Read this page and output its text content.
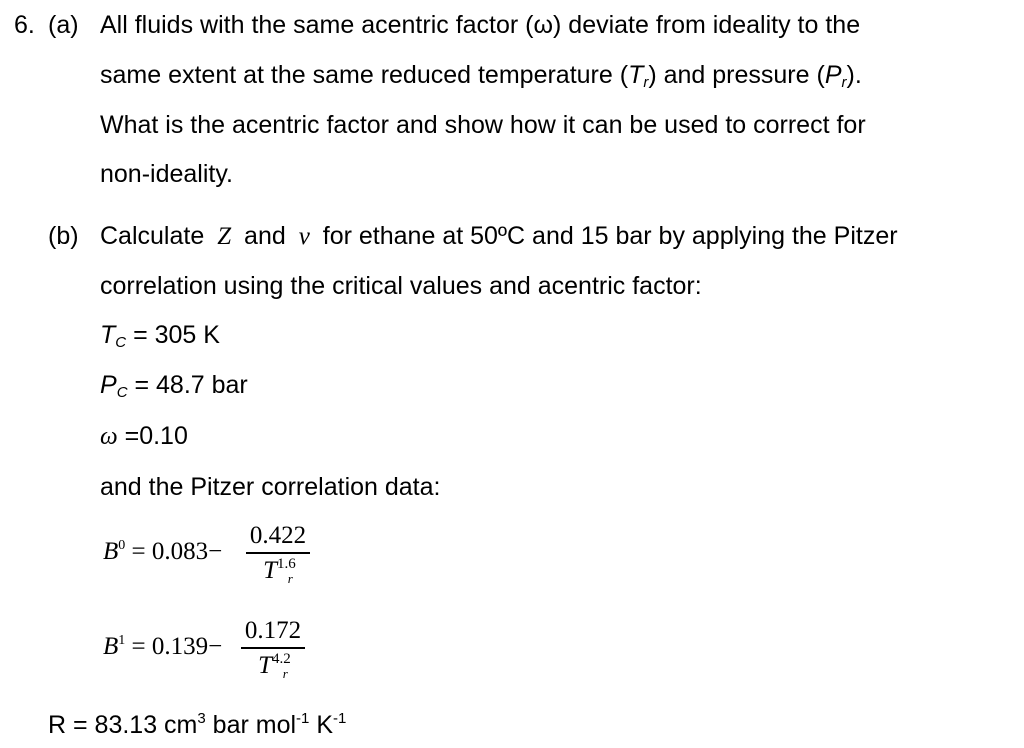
6. (a) All fluids with the same acentric factor (ω) deviate from ideality to the
same extent at the same reduced temperature $(T_r)$ and pressure $(P_r)$.
What is the acentric factor and show how it can be used to correct for
non-ideality.
(b) Calculate Z and v for ethane at 50ºC and 15 bar by applying the Pitzer
correlation using the critical values and acentric factor:
$T_C = 305$ K
$P_C = 48.7$ bar
ω =0.10
and the Pitzer correlation data:
$B^0 = 0.083-$
0.422
$T^{1.6}_r$
$B^1 = 0.139-$
0.172
$T^{4.2}_r$
R = 83.13 $cm^3$ bar mol$^{-1}$ $K^{-1}$
